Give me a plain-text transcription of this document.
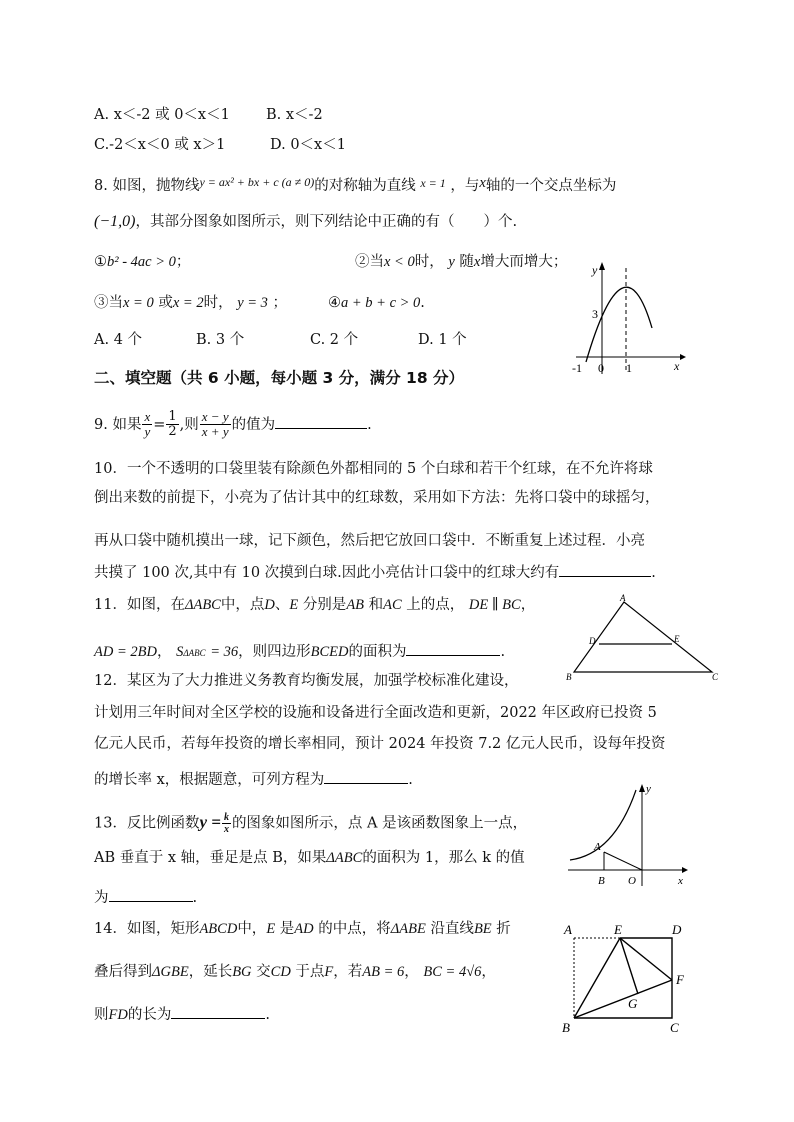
A. x＜-2 或 0＜x＜1 B. x＜-2
C.-2＜x＜0 或 x＞1	D. 0＜x＜1
8. 如图，抛物线$^{y = ax^2 + bx + c (a \ne 0)}$的对称轴为直线 $^{x = 1}$ ，与x轴的一个交点坐标为
(−1,0)，其部分图象如图所示，则下列结论中正确的有（　　）个.
①b² - 4ac > 0；	②当x < 0时， y 随x增大而增大；
③当x = 0 或x = 2时， y = 3 ；	④a + b + c > 0.
A. 4 个	B. 3 个	C. 2 个	D. 1 个
y
x
3
-1 0 1
二、填空题（共 6 小题，每小题 3 分，满分 18 分）
9. 如果 $\frac{x}{y} = \frac{1}{2}$ ,则 $\frac{x - y}{x + y}$ 的值为	.
10．一个不透明的口袋里装有除颜色外都相同的 5 个白球和若干个红球，在不允许将球
倒出来数的前提下，小亮为了估计其中的红球数，采用如下方法：先将口袋中的球摇匀，
再从口袋中随机摸出一球，记下颜色，然后把它放回口袋中．不断重复上述过程．小亮
共摸了 100 次,其中有 10 次摸到白球.因此小亮估计口袋中的红球大约有	.
11．如图，在ΔABC中，点D、E 分别是AB 和AC 上的点， DE ∥ BC，
AD = 2BD， SΔABC = 36，则四边形BCED的面积为	.
A
B	C
D	E
12．某区为了大力推进义务教育均衡发展，加强学校标准化建设，
计划用三年时间对全区学校的设施和设备进行全面改造和更新，2022 年区政府已投资 5
亿元人民币，若每年投资的增长率相同，预计 2024 年投资 7.2 亿元人民币，设每年投资
的增长率 x，根据题意，可列方程为	.
13．反比例函数$y = \frac{k}{x}$ 的图象如图所示，点 A 是该函数图象上一点，
AB 垂直于 x 轴，垂足是点 B，如果ΔABC的面积为 1，那么 k 的值
为	.
y
x
A
B O
14．如图，矩形ABCD中，E 是AD 的中点，将ΔABE 沿直线BE 折
叠后得到ΔGBE，延长BG 交CD 于点F，若AB = 6， BC = 4√6，
则FD的长为	.
A	E	D
F
G
B	C
